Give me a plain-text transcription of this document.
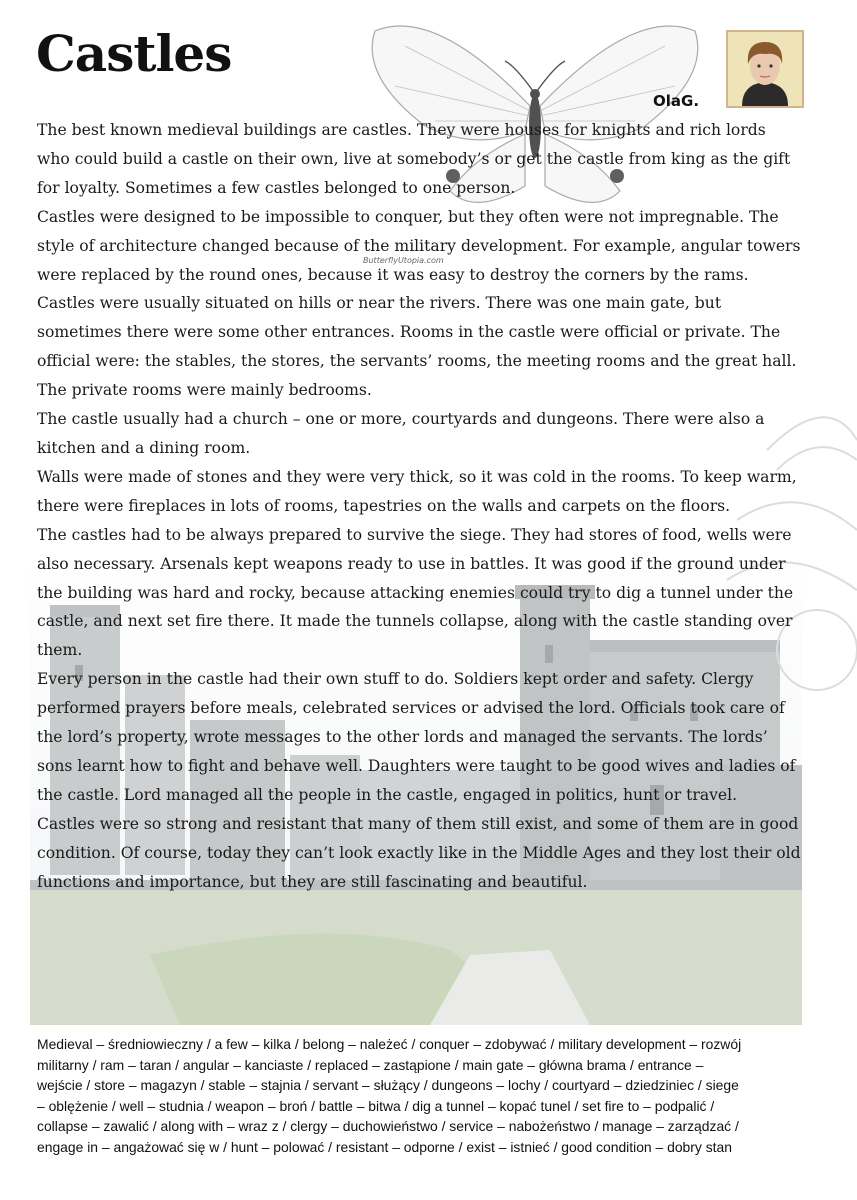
ButterflyUtopia.com
Castles
OlaG.

The best known medieval buildings are castles. They were houses for knights and rich lords who could build a castle on their own, live at somebody’s or get the castle from king as the gift for loyalty. Sometimes a few castles belonged to one person.

Castles were designed to be impossible to conquer, but they often were not impregnable. The style of architecture changed because of the military development. For example, angular towers were replaced by the round ones, because it was easy to destroy the corners by the rams.

Castles were usually situated on hills or near the rivers. There was one main gate, but sometimes there were some other entrances. Rooms in the castle were official or private. The official were: the stables, the stores, the servants’ rooms, the meeting rooms and the great hall. The private rooms were mainly bedrooms.

The castle usually had a church – one or more, courtyards and dungeons. There were also a kitchen and a dining room.

Walls were made of stones and they were very thick, so it was cold in the rooms. To keep warm, there were fireplaces in lots of rooms, tapestries on the walls and carpets on the floors.

The castles had to be always prepared to survive the siege. They had stores of food, wells were also necessary. Arsenals kept weapons ready to use in battles. It was good if the ground under the building was hard and rocky, because attacking enemies could try to dig a tunnel under the castle, and next set fire there. It made the tunnels collapse, along with the castle standing over them.

Every person in the castle had their own stuff to do. Soldiers kept order and safety. Clergy performed prayers before meals, celebrated services or advised the lord. Officials took care of the lord’s property, wrote messages to the other lords and managed the servants. The lords’ sons learnt how to fight and behave well. Daughters were taught to be good wives and ladies of the castle. Lord managed all the people in the castle, engaged in politics, hunt or travel.

Castles were so strong and resistant that many of them still exist, and some of them are in good condition. Of course, today they can’t look exactly like in the Middle Ages and they lost their old functions and importance, but they are still fascinating and beautiful.

Medieval – średniowieczny / a few – kilka / belong – należeć / conquer – zdobywać / military development – rozwój
militarny / ram – taran / angular – kanciaste / replaced – zastąpione / main gate – główna brama / entrance –
wejście / store – magazyn / stable – stajnia / servant – służący / dungeons – lochy / courtyard – dziedziniec / siege
– oblężenie / well – studnia / weapon – broń / battle – bitwa / dig a tunnel – kopać tunel / set fire to – podpalić /
collapse – zawalić / along with – wraz z / clergy – duchowieństwo / service – nabożeństwo / manage – zarządzać /
engage in – angażować się w / hunt – polować / resistant – odporne / exist – istnieć / good condition – dobry stan
